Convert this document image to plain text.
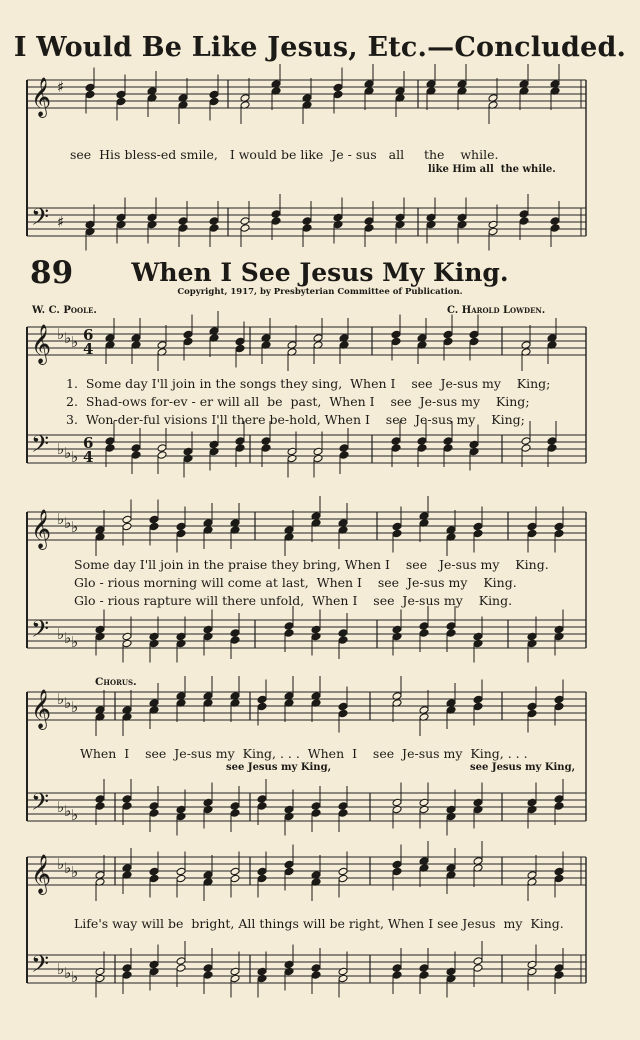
I Would Be Like Jesus, Etc.—Concluded.
89	When I See Jesus My King.
Copyright, 1917, by Presbyterian Committee of Publication.
W. C. Poole.	C. Harold Lowden.
𝄞
𝄢
♯
♯
𝄞
𝄢
♭
♭
♭
♭
♭
♭
6
6
4
4
𝄞
𝄢
♭
♭
♭
♭
♭
♭
𝄞
𝄢
♭
♭
♭
♭
♭
♭
𝄞
𝄢
♭
♭
♭
♭
♭
♭
see  His bless-ed smile,   I would be like  Je - sus   all     the    while.
like Him all  the while.
1.  Some day I'll join in the songs they sing,  When I    see  Je-sus my    King;
2.  Shad-ows for-ev - er will all  be  past,  When I    see  Je-sus my    King;
3.  Won-der-ful visions I'll there be-hold, When I    see  Je-sus my    King;
Some day I'll join in the praise they bring, When I    see   Je-sus my    King.
Glo - rious morning will come at last,  When I    see  Je-sus my    King.
Glo - rious rapture will there unfold,  When I    see  Je-sus my    King.
Chorus.
When  I    see  Je-sus my  King, . . .  When  I    see  Je-sus my  King, . . .
see Jesus my King,	see Jesus my King,
Life's way will be  bright, All things will be right, When I see Jesus  my  King.
